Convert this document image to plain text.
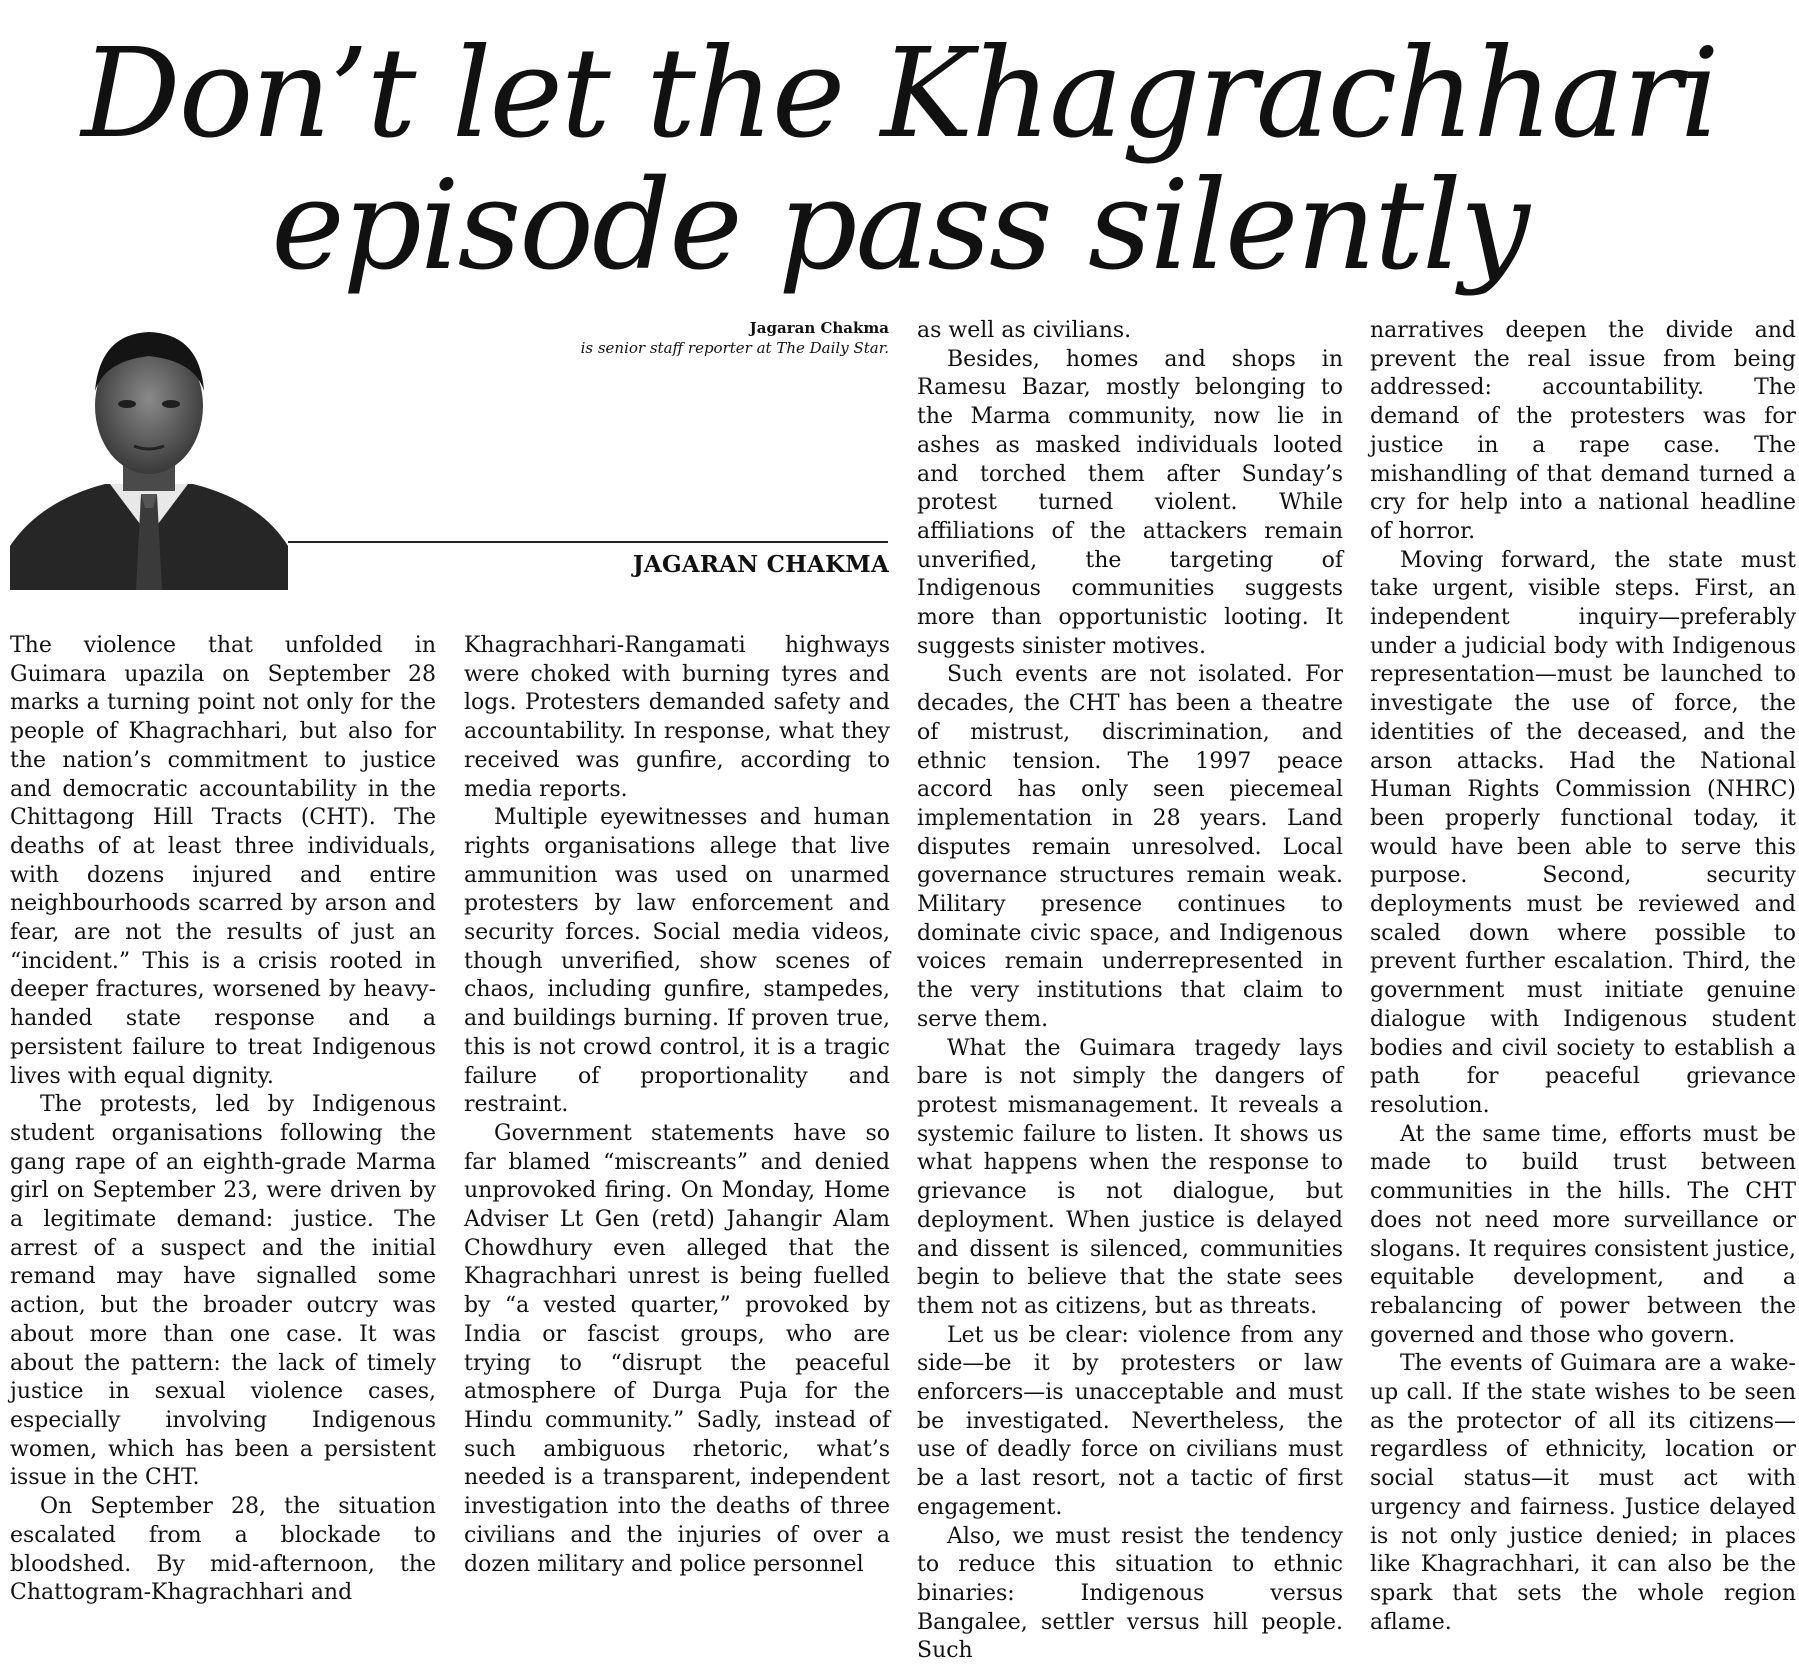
Don’t let the Khagrachhari
episode pass silently
Jagaran Chakma
is senior staff reporter at The Daily Star.
JAGARAN CHAKMA

The violence that unfolded in Guimara upazila on September 28 marks a turning point not only for the people of Khagrachhari, but also for the nation’s commitment to justice and democratic accountability in the Chittagong Hill Tracts (CHT). The deaths of at least three individuals, with dozens injured and entire neighbourhoods scarred by arson and fear, are not the results of just an “incident.” This is a crisis rooted in deeper fractures, worsened by heavy-handed state response and a persistent failure to treat Indigenous lives with equal dignity.

The protests, led by Indigenous student organisations following the gang rape of an eighth-grade Marma girl on September 23, were driven by a legitimate demand: justice. The arrest of a suspect and the initial remand may have signalled some action, but the broader outcry was about more than one case. It was about the pattern: the lack of timely justice in sexual violence cases, especially involving Indigenous women, which has been a persistent issue in the CHT.

On September 28, the situation escalated from a blockade to bloodshed. By mid-afternoon, the Chattogram-Khagrachhari and

Khagrachhari-Rangamati highways were choked with burning tyres and logs. Protesters demanded safety and accountability. In response, what they received was gunfire, according to media reports.

Multiple eyewitnesses and human rights organisations allege that live ammunition was used on unarmed protesters by law enforcement and security forces. Social media videos, though unverified, show scenes of chaos, including gunfire, stampedes, and buildings burning. If proven true, this is not crowd control, it is a tragic failure of proportionality and restraint.

Government statements have so far blamed “miscreants” and denied unprovoked firing. On Monday, Home Adviser Lt Gen (retd) Jahangir Alam Chowdhury even alleged that the Khagrachhari unrest is being fuelled by “a vested quarter,” provoked by India or fascist groups, who are trying to “disrupt the peaceful atmosphere of Durga Puja for the Hindu community.” Sadly, instead of such ambiguous rhetoric, what’s needed is a transparent, independent investigation into the deaths of three civilians and the injuries of over a dozen military and police personnel

as well as civilians.

Besides, homes and shops in Ramesu Bazar, mostly belonging to the Marma community, now lie in ashes as masked individuals looted and torched them after Sunday’s protest turned violent. While affiliations of the attackers remain unverified, the targeting of Indigenous communities suggests more than opportunistic looting. It suggests sinister motives.

Such events are not isolated. For decades, the CHT has been a theatre of mistrust, discrimination, and ethnic tension. The 1997 peace accord has only seen piecemeal implementation in 28 years. Land disputes remain unresolved. Local governance structures remain weak. Military presence continues to dominate civic space, and Indigenous voices remain underrepresented in the very institutions that claim to serve them.

What the Guimara tragedy lays bare is not simply the dangers of protest mismanagement. It reveals a systemic failure to listen. It shows us what happens when the response to grievance is not dialogue, but deployment. When justice is delayed and dissent is silenced, communities begin to believe that the state sees them not as citizens, but as threats.

Let us be clear: violence from any side—be it by protesters or law enforcers—is unacceptable and must be investigated. Nevertheless, the use of deadly force on civilians must be a last resort, not a tactic of first engagement.

Also, we must resist the tendency to reduce this situation to ethnic binaries: Indigenous versus Bangalee, settler versus hill people. Such

narratives deepen the divide and prevent the real issue from being addressed: accountability. The demand of the protesters was for justice in a rape case. The mishandling of that demand turned a cry for help into a national headline of horror.

Moving forward, the state must take urgent, visible steps. First, an independent inquiry—preferably under a judicial body with Indigenous representation—must be launched to investigate the use of force, the identities of the deceased, and the arson attacks. Had the National Human Rights Commission (NHRC) been properly functional today, it would have been able to serve this purpose. Second, security deployments must be reviewed and scaled down where possible to prevent further escalation. Third, the government must initiate genuine dialogue with Indigenous student bodies and civil society to establish a path for peaceful grievance resolution.

At the same time, efforts must be made to build trust between communities in the hills. The CHT does not need more surveillance or slogans. It requires consistent justice, equitable development, and a rebalancing of power between the governed and those who govern.

The events of Guimara are a wake-up call. If the state wishes to be seen as the protector of all its citizens—regardless of ethnicity, location or social status—it must act with urgency and fairness. Justice delayed is not only justice denied; in places like Khagrachhari, it can also be the spark that sets the whole region aflame.
